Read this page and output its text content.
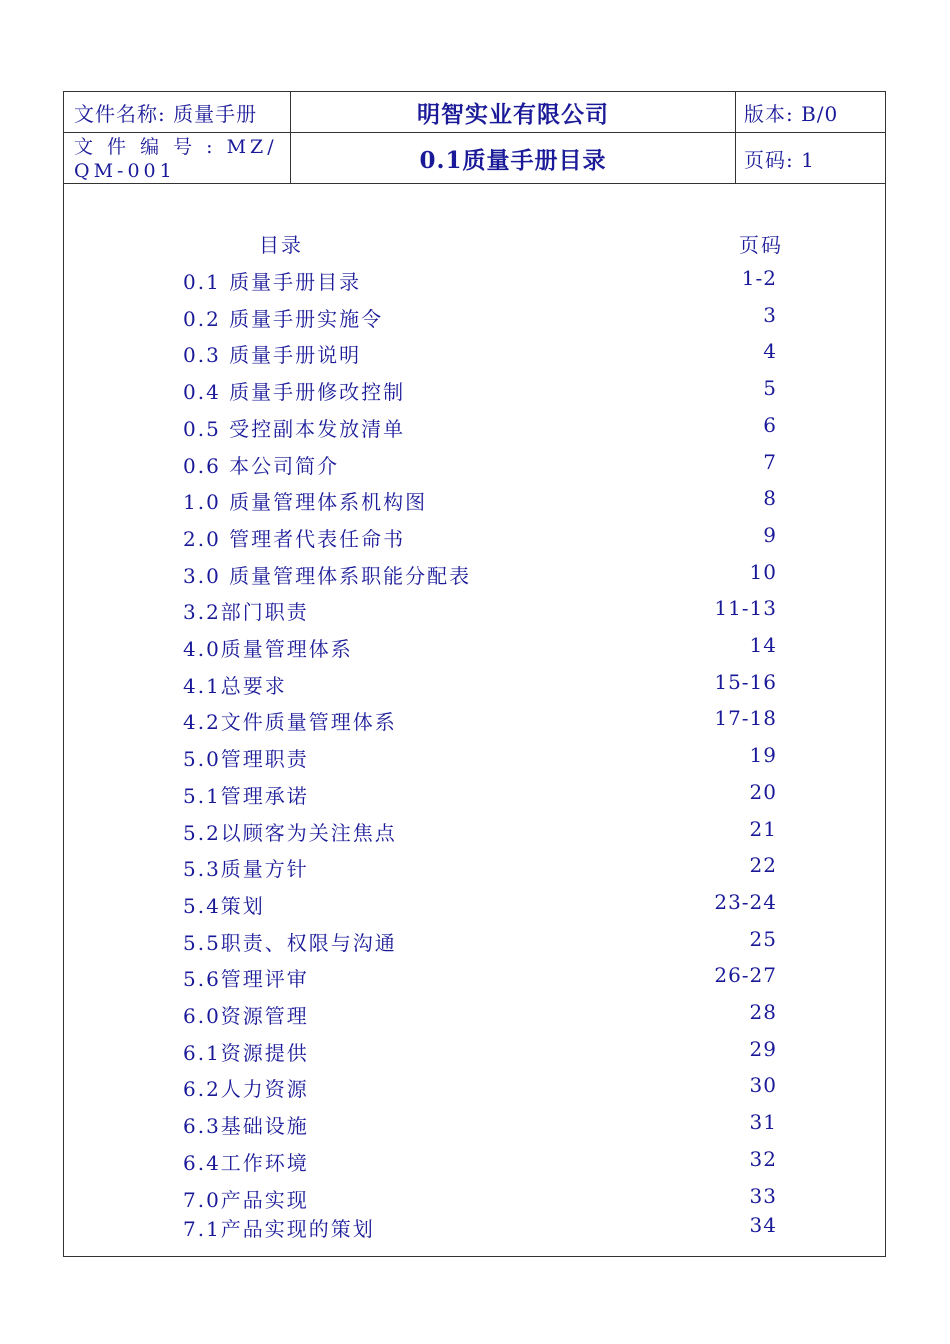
文件名称: 质量手册	明智实业有限公司	版本: B/0
文 件 编 号 : MZ/QM-001	0.1质量手册目录	页码: 1
目录	页码
0.1 质量手册目录	1-2
0.2 质量手册实施令	3
0.3 质量手册说明	4
0.4 质量手册修改控制	5
0.5 受控副本发放清单	6
0.6 本公司简介	7
1.0 质量管理体系机构图	8
2.0 管理者代表任命书	9
3.0 质量管理体系职能分配表	10
3.2部门职责	11-13
4.0质量管理体系	14
4.1总要求	15-16
4.2文件质量管理体系	17-18
5.0管理职责	19
5.1管理承诺	20
5.2以顾客为关注焦点	21
5.3质量方针	22
5.4策划	23-24
5.5职责、权限与沟通	25
5.6管理评审	26-27
6.0资源管理	28
6.1资源提供	29
6.2人力资源	30
6.3基础设施	31
6.4工作环境	32
7.0产品实现	33
7.1产品实现的策划	34
